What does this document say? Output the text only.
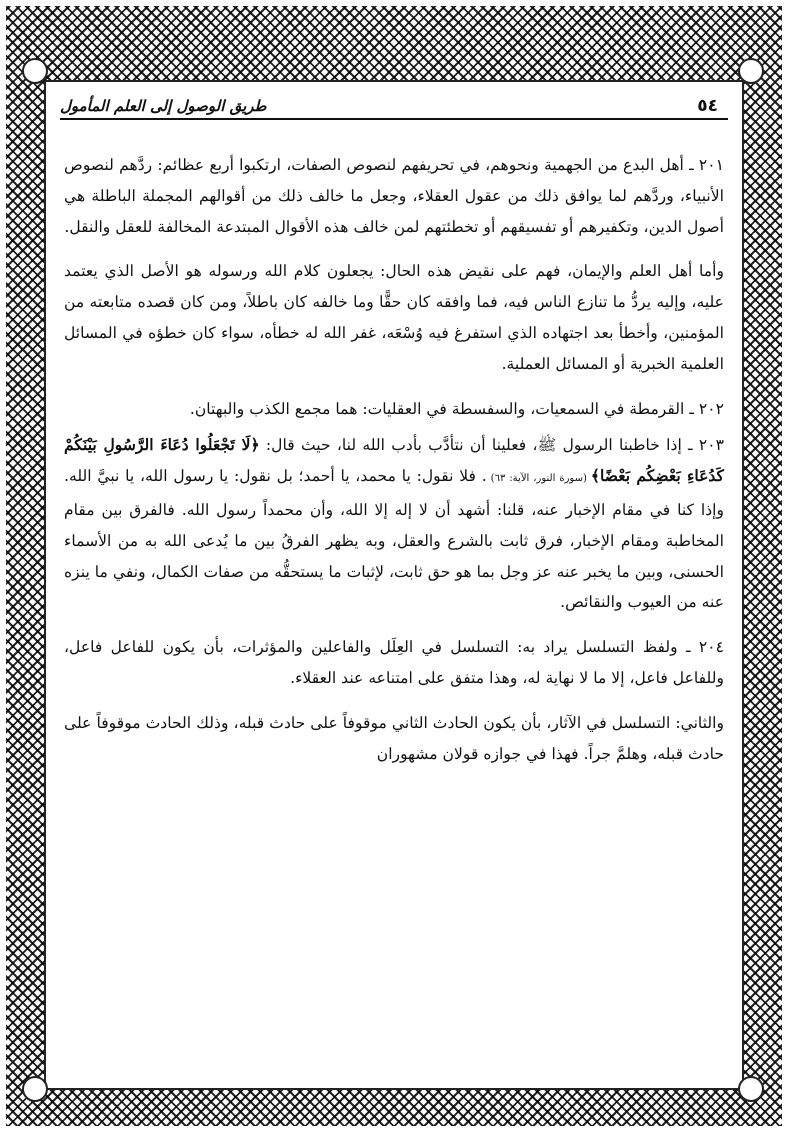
طريق الوصول إلى العلم المأمول	٥٤

٢٠١ ـ أهل البدع من الجهمية ونحوهم، في تحريفهم لنصوص الصفات، ارتكبوا أربع عظائم: ردَّهم لنصوص الأنبياء، وردَّهم لما يوافق ذلك من عقول العقلاء، وجعل ما خالف ذلك من أقوالهم المجملة الباطلة هي أصول الدين، وتكفيرهم أو تفسيقهم أو تخطئتهم لمن خالف هذه الأقوال المبتدعة المخالفة للعقل والنقل.

وأما أهل العلم والإيمان، فهم على نقيض هذه الحال: يجعلون كلام الله ورسوله هو الأصل الذي يعتمد عليه، وإليه يردُّ ما تنازع الناس فيه، فما وافقه كان حقًّا وما خالفه كان باطلاً، ومن كان قصده متابعته من المؤمنين، وأخطأ بعد اجتهاده الذي استفرغ فيه وُسْعَه، غفر الله له خطأه، سواء كان خطؤه في المسائل العلمية الخبرية أو المسائل العملية.

٢٠٢ ـ القرمطة في السمعيات، والسفسطة في العقليات: هما مجمع الكذب والبهتان.

٢٠٣ ـ إذا خاطبنا الرسول ﷺ، فعلينا أن نتأدَّب بأدب الله لنا، حيث قال: ﴿لَا تَجْعَلُوا دُعَاءَ الرَّسُولِ بَيْنَكُمْ كَدُعَاءِ بَعْضِكُم بَعْضًا﴾ (سورة النور، الآية: ٦٣) . فلا نقول: يا محمد، يا أحمد؛ بل نقول: يا رسول الله، يا نبيَّ الله. وإذا كنا في مقام الإخبار عنه، قلنا: أشهد أن لا إله إلا الله، وأن محمداً رسول الله. فالفرق بين مقام المخاطبة ومقام الإخبار، فرق ثابت بالشرع والعقل، وبه يظهر الفرقُ بين ما يُدعى الله به من الأسماء الحسنى، وبين ما يخبر عنه عز وجل بما هو حق ثابت، لإثبات ما يستحقُّه من صفات الكمال، ونفي ما ينزه عنه من العيوب والنقائص.

٢٠٤ ـ ولفظ التسلسل يراد به: التسلسل في العِلَل والفاعلين والمؤثرات، بأن يكون للفاعل فاعل، وللفاعل فاعل، إلا ما لا نهاية له، وهذا متفق على امتناعه عند العقلاء.

والثاني: التسلسل في الآثار، بأن يكون الحادث الثاني موقوفاً على حادث قبله، وذلك الحادث موقوفاً على حادث قبله، وهلمَّ جراً. فهذا في جوازه قولان مشهوران
